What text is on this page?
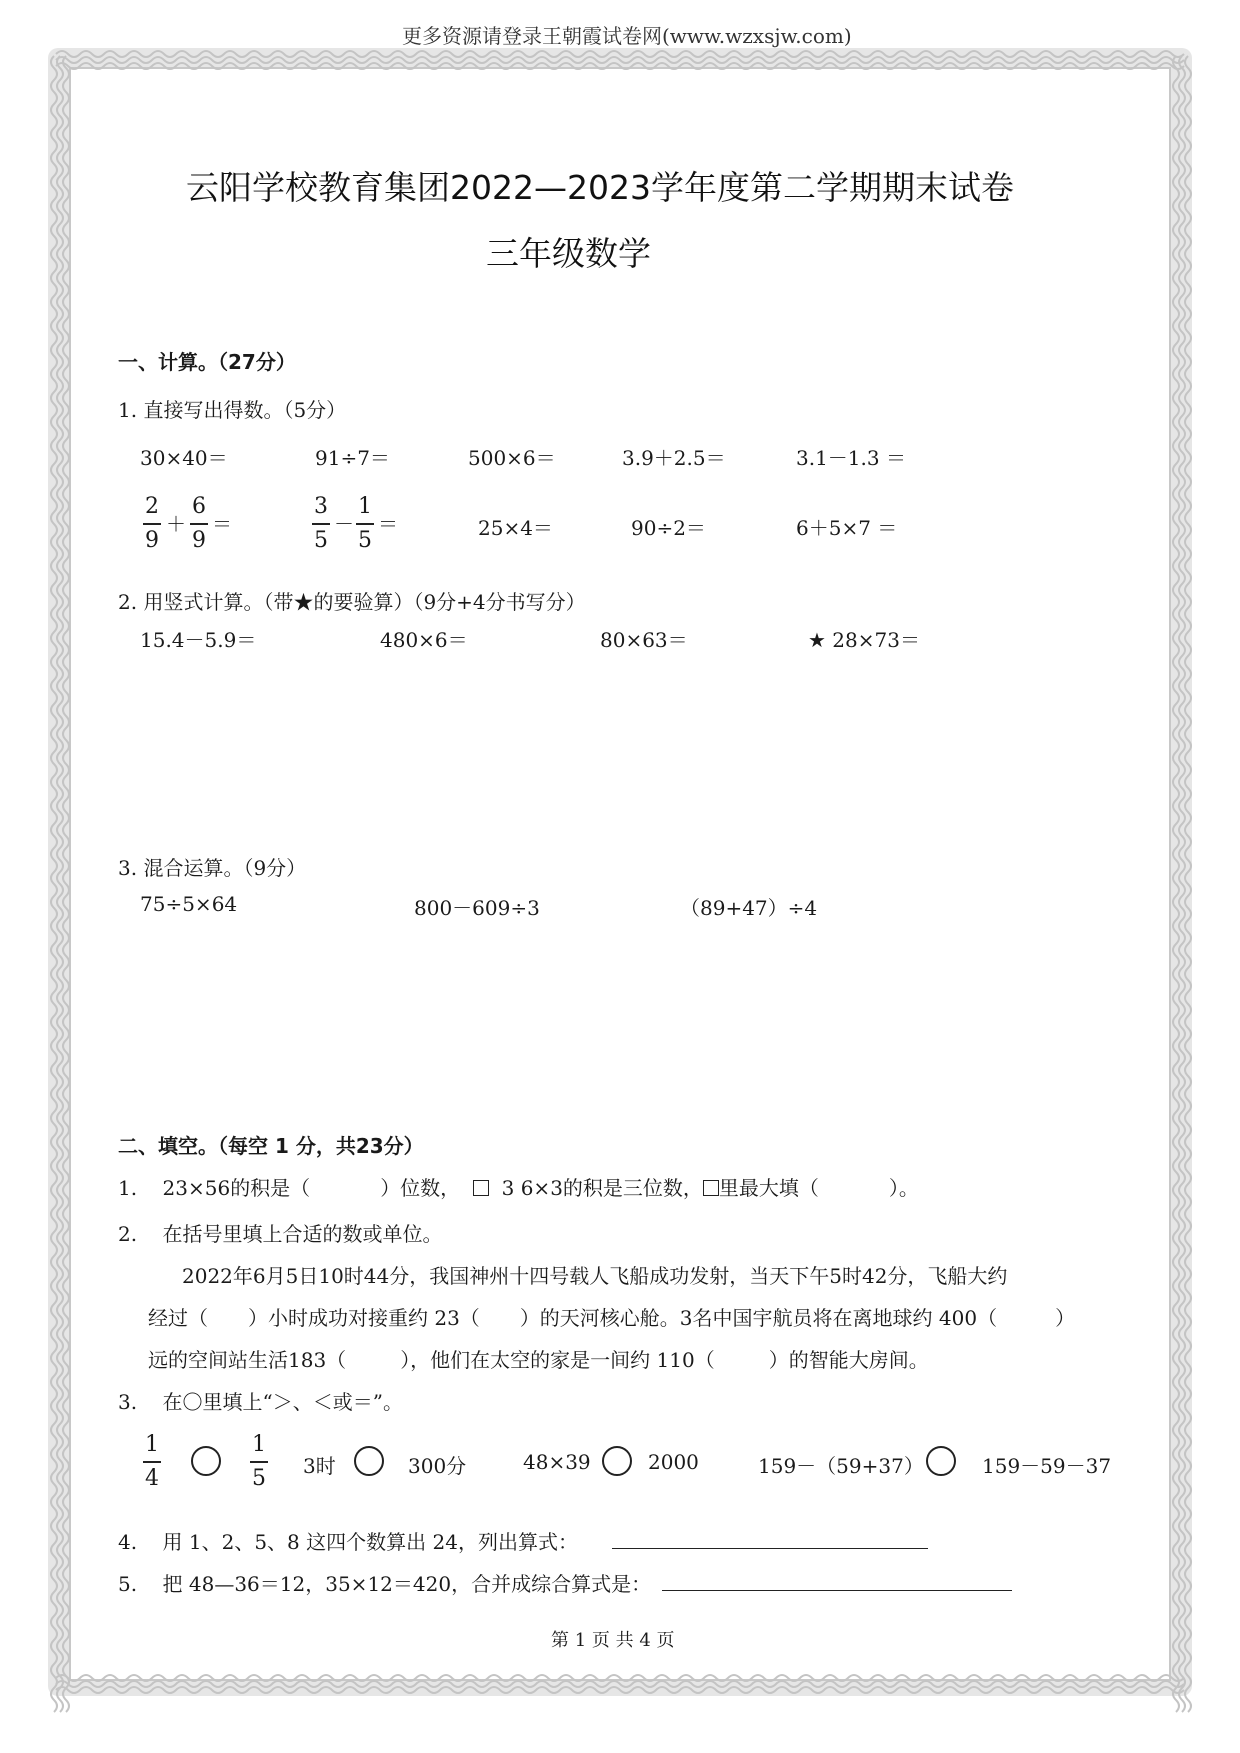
更多资源请登录王朝霞试卷网(www.wzxsjw.com)
云阳学校教育集团2022—2023学年度第二学期期末试卷
三年级数学
一、计算。（27分）
1. 直接写出得数。（5分）
30×40＝	91÷7＝	500×6＝	3.9＋2.5＝	3.1－1.3 ＝
2
9
＋
6
9
＝
3
5
－
1
5
＝	25×4＝	90÷2＝	6＋5×7 ＝
2. 用竖式计算。（带★的要验算）（9分+4分书写分）
15.4－5.9＝	480×6＝	80×63＝	★ 28×73＝
3. 混合运算。（9分）
75÷5×64	800－609÷3	（89+47）÷4
二、填空。（每空 1 分，共23分）
1. 23×56的积是（	）位数， 3 6×3的积是三位数， 里最大填（	）。
2. 在括号里填上合适的数或单位。
2022年6月5日10时44分，我国神州十四号载人飞船成功发射，当天下午5时42分，飞船大约
经过（ ）小时成功对接重约 23（ ）的天河核心舱。3名中国宇航员将在离地球约 400（	）
远的空间站生活183（	），他们在太空的家是一间约 110（	）的智能大房间。
3. 在〇里填上“＞、＜或＝”。
1
4
1
5 3时	300分	48×39	2000	159－（59+37）	159－59－37
4. 用 1、2、5、8 这四个数算出 24，列出算式：
5. 把 48—36＝12，35×12＝420，合并成综合算式是：
第 1 页 共 4 页
